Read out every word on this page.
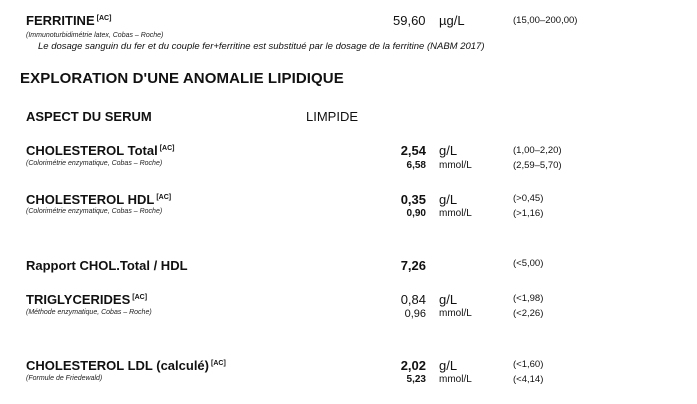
FERRITINE [AC]
(Immunoturbidimétrie latex, Cobas – Roche)
59,60 µg/L	(15,00–200,00)
Le dosage sanguin du fer et du couple fer+ferritine est substitué par le dosage de la ferritine (NABM 2017)
EXPLORATION D'UNE ANOMALIE LIPIDIQUE
ASPECT DU SERUM	LIMPIDE
CHOLESTEROL Total [AC]
(Colorimétrie enzymatique, Cobas – Roche)
2,54 g/L	(1,00–2,20)
6,58 mmol/L	(2,59–5,70)
CHOLESTEROL HDL [AC]
(Colorimétrie enzymatique, Cobas – Roche)
0,35 g/L	(>0,45)
0,90 mmol/L	(>1,16)
Rapport CHOL.Total / HDL	7,26	(<5,00)
TRIGLYCERIDES [AC]
(Méthode enzymatique, Cobas – Roche)
0,84 g/L	(<1,98)
0,96 mmol/L	(<2,26)
CHOLESTEROL LDL (calculé) [AC]
(Formule de Friedewald)
2,02 g/L	(<1,60)
5,23 mmol/L	(<4,14)
